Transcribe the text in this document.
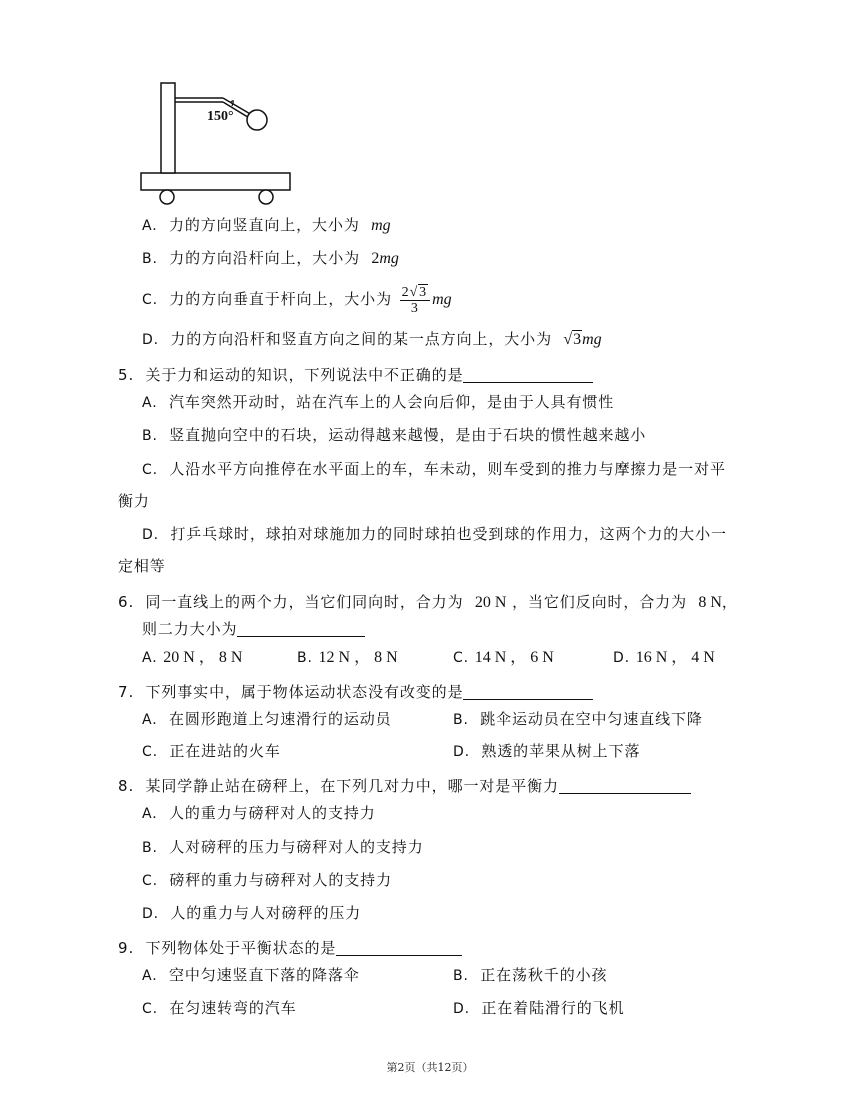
150°
A. 力的方向竖直向上，大小为 mg
B. 力的方向沿杆向上，大小为 2mg
C. 力的方向垂直于杆向上，大小为 $\frac{2√3}{3}$ mg
D. 力的方向沿杆和竖直方向之间的某一点方向上，大小为 √3mg
5. 关于力和运动的知识，下列说法中不正确的是
A. 汽车突然开动时，站在汽车上的人会向后仰，是由于人具有惯性
B. 竖直抛向空中的石块，运动得越来越慢，是由于石块的惯性越来越小
C. 人沿水平方向推停在水平面上的车，车未动，则车受到的推力与摩擦力是一对平
衡力
D. 打乒乓球时，球拍对球施加力的同时球拍也受到球的作用力，这两个力的大小一
定相等
6. 同一直线上的两个力，当它们同向时，合力为 20 N ，当它们反向时，合力为 8 N，
则二力大小为
A. 20 N ， 8 N	B. 12 N ， 8 N	C. 14 N ， 6 N	D. 16 N ， 4 N
7. 下列事实中，属于物体运动状态没有改变的是
A. 在圆形跑道上匀速滑行的运动员	B. 跳伞运动员在空中匀速直线下降
C. 正在进站的火车	D. 熟透的苹果从树上下落
8. 某同学静止站在磅秤上，在下列几对力中，哪一对是平衡力
A. 人的重力与磅秤对人的支持力
B. 人对磅秤的压力与磅秤对人的支持力
C. 磅秤的重力与磅秤对人的支持力
D. 人的重力与人对磅秤的压力
9. 下列物体处于平衡状态的是
A. 空中匀速竖直下落的降落伞	B. 正在荡秋千的小孩
C. 在匀速转弯的汽车	D. 正在着陆滑行的飞机
第2页（共12页）
